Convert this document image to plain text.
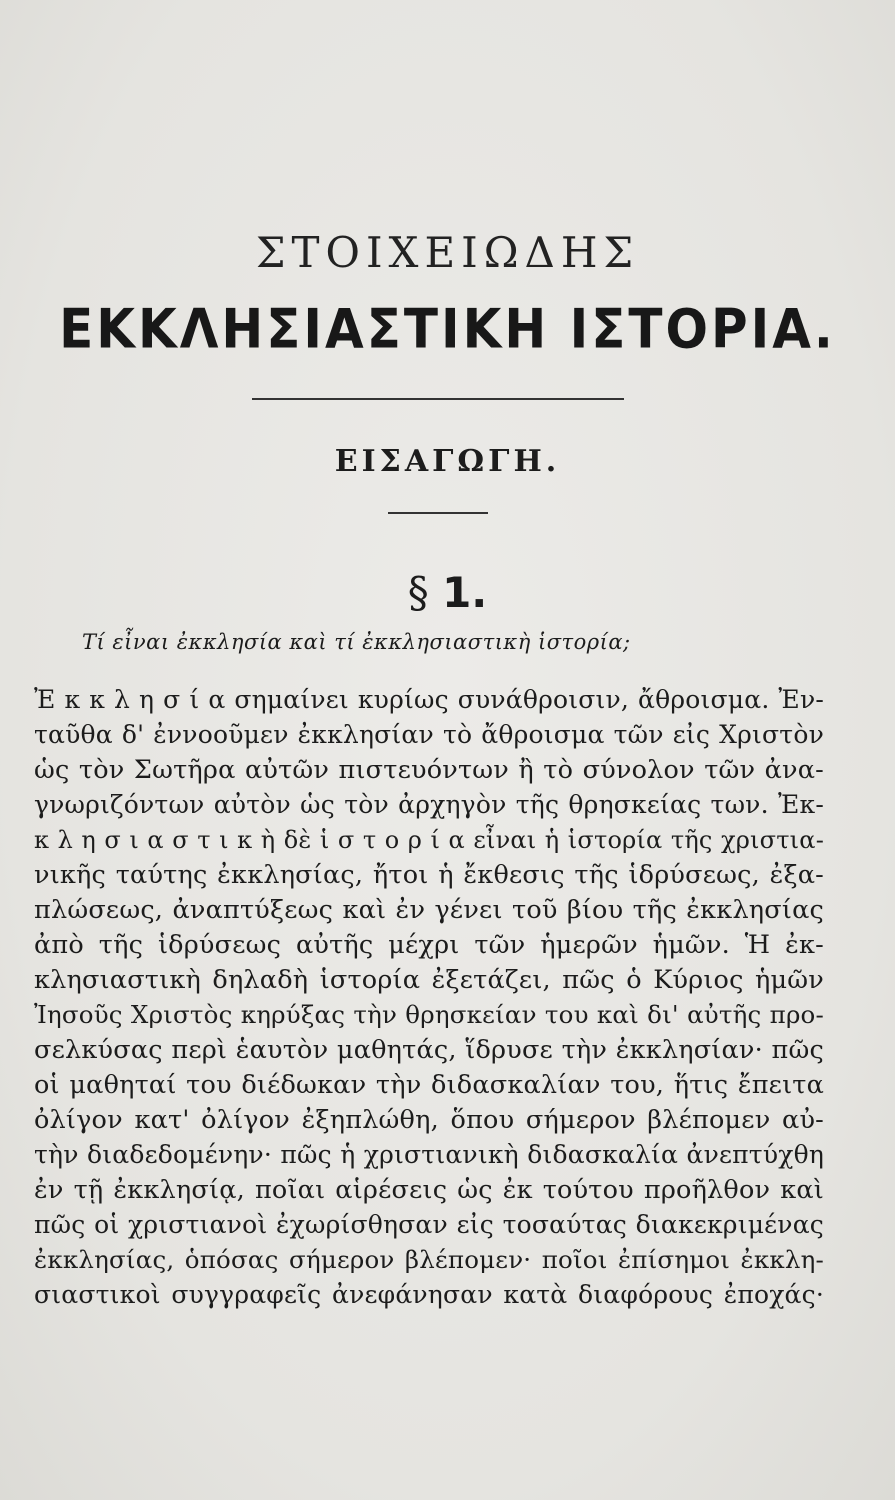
ΣΤΟΙΧΕΙΩΔΗΣ
ΕΚΚΛΗΣΙΑΣΤΙΚΗ ΙΣΤΟΡΙΑ.
ΕΙΣΑΓΩΓΗ.
§ 1.
Τί εἶναι ἐκκλησία καὶ τί ἐκκλησιαστικὴ ἱστορία;
Ἐ κ κ λ η σ ί α σημαίνει κυρίως συνάθροισιν, ἄθροισμα. Ἐν-
ταῦθα δ' ἐννοοῦμεν ἐκκλησίαν τὸ ἄθροισμα τῶν εἰς Χριστὸν
ὡς τὸν Σωτῆρα αὐτῶν πιστευόντων ἢ τὸ σύνολον τῶν ἀνα-
γνωριζόντων αὐτὸν ὡς τὸν ἀρχηγὸν τῆς θρησκείας των. Ἐκ-
κ λ η σ ι α σ τ ι κ ὴ δὲ ἱ σ τ ο ρ ί α εἶναι ἡ ἱστορία τῆς χριστια-
νικῆς ταύτης ἐκκλησίας, ἤτοι ἡ ἔκθεσις τῆς ἱδρύσεως, ἐξα-
πλώσεως, ἀναπτύξεως καὶ ἐν γένει τοῦ βίου τῆς ἐκκλησίας
ἀπὸ τῆς ἱδρύσεως αὐτῆς μέχρι τῶν ἡμερῶν ἡμῶν. Ἡ ἐκ-
κλησιαστικὴ δηλαδὴ ἱστορία ἐξετάζει, πῶς ὁ Κύριος ἡμῶν
Ἰησοῦς Χριστὸς κηρύξας τὴν θρησκείαν του καὶ δι' αὐτῆς προ-
σελκύσας περὶ ἑαυτὸν μαθητάς, ἵδρυσε τὴν ἐκκλησίαν· πῶς
οἱ μαθηταί του διέδωκαν τὴν διδασκαλίαν του, ἥτις ἔπειτα
ὀλίγον κατ' ὀλίγον ἐξηπλώθη, ὅπου σήμερον βλέπομεν αὐ-
τὴν διαδεδομένην· πῶς ἡ χριστιανικὴ διδασκαλία ἀνεπτύχθη
ἐν τῇ ἐκκλησίᾳ, ποῖαι αἱρέσεις ὡς ἐκ τούτου προῆλθον καὶ
πῶς οἱ χριστιανοὶ ἐχωρίσθησαν εἰς τοσαύτας διακεκριμένας
ἐκκλησίας, ὁπόσας σήμερον βλέπομεν· ποῖοι ἐπίσημοι ἐκκλη-
σιαστικοὶ συγγραφεῖς ἀνεφάνησαν κατὰ διαφόρους ἐποχάς·
